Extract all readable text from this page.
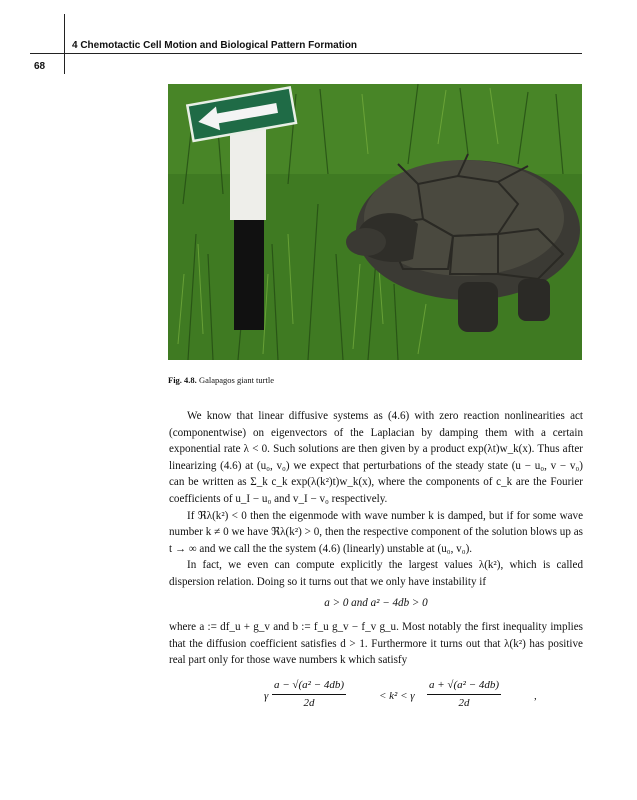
4 Chemotactic Cell Motion and Biological Pattern Formation
68
Fig. 4.8. Galapagos giant turtle

We know that linear diffusive systems as (4.6) with zero reaction nonlinearities act (componentwise) on eigenvectors of the Laplacian by damping them with a certain exponential rate λ < 0. Such solutions are then given by a product exp(λt)w_k(x). Thus after linearizing (4.6) at (u₀, v₀) we expect that perturbations of the steady state (u − u₀, v − v₀) can be written as Σ_k c_k exp(λ(k²)t)w_k(x), where the components of c_k are the Fourier coefficients of u_I − u₀ and v_I − v₀ respectively.

If ℜλ(k²) < 0 then the eigenmode with wave number k is damped, but if for some wave number k ≠ 0 we have ℜλ(k²) > 0, then the respective component of the solution blows up as t → ∞ and we call the the system (4.6) (linearly) unstable at (u₀, v₀).

In fact, we even can compute explicitly the largest values λ(k²), which is called dispersion relation. Doing so it turns out that we only have instability if

a > 0 and a² − 4db > 0

where a := df_u + g_v and b := f_u g_v − f_v g_u. Most notably the first inequality implies that the diffusion coefficient satisfies d > 1. Furthermore it turns out that λ(k²) has positive real part only for those wave numbers k which satisfy

γ $\frac{\text{a − √(a² − 4db)}}{2d}$	< k² < γ $\frac{\text{a + √(a² − 4db)}}{2d}$	,
